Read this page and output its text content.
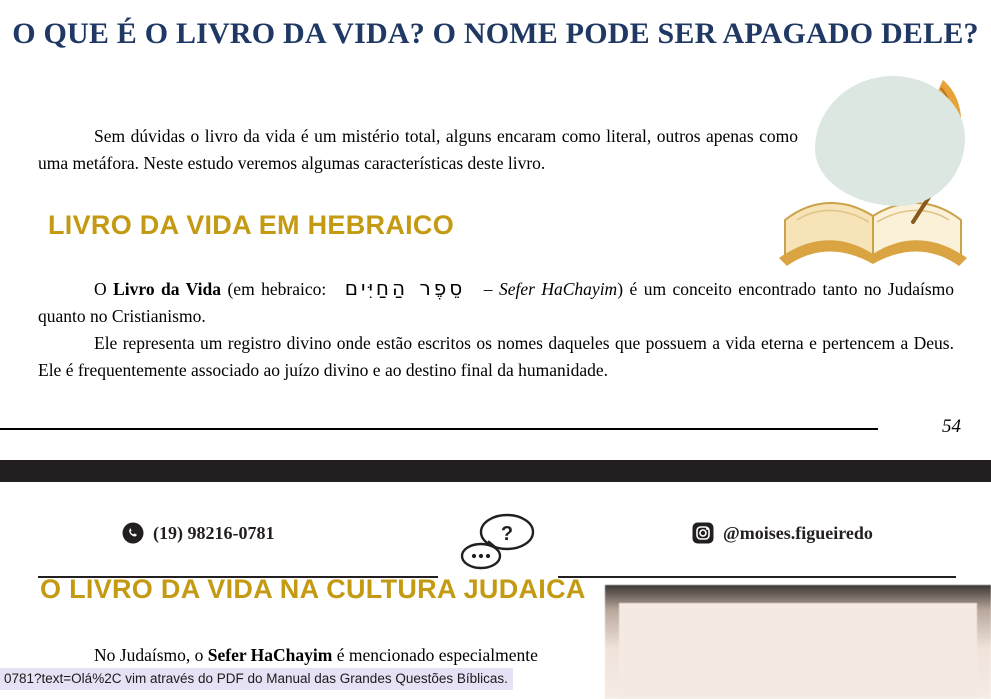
O QUE É O LIVRO DA VIDA? O NOME PODE SER APAGADO DELE?
Sem dúvidas o livro da vida é um mistério total, alguns encaram como literal, outros apenas como uma metáfora. Neste estudo veremos algumas características deste livro.
LIVRO DA VIDA EM HEBRAICO

O Livro da Vida (em hebraico: סֵפֶר הַחַיִּים – Sefer HaChayim) é um conceito encontrado tanto no Judaísmo quanto no Cristianismo.

Ele representa um registro divino onde estão escritos os nomes daqueles que possuem a vida eterna e pertencem a Deus. Ele é frequentemente associado ao juízo divino e ao destino final da humanidade.

54
(19) 98216-0781	@moises.figueiredo
?
O LIVRO DA VIDA NA CULTURA JUDAICA
No Judaísmo, o Sefer HaChayim é mencionado especialmente
0781?text=Olá%2C vim através do PDF do Manual das Grandes Questões Bíblicas.
